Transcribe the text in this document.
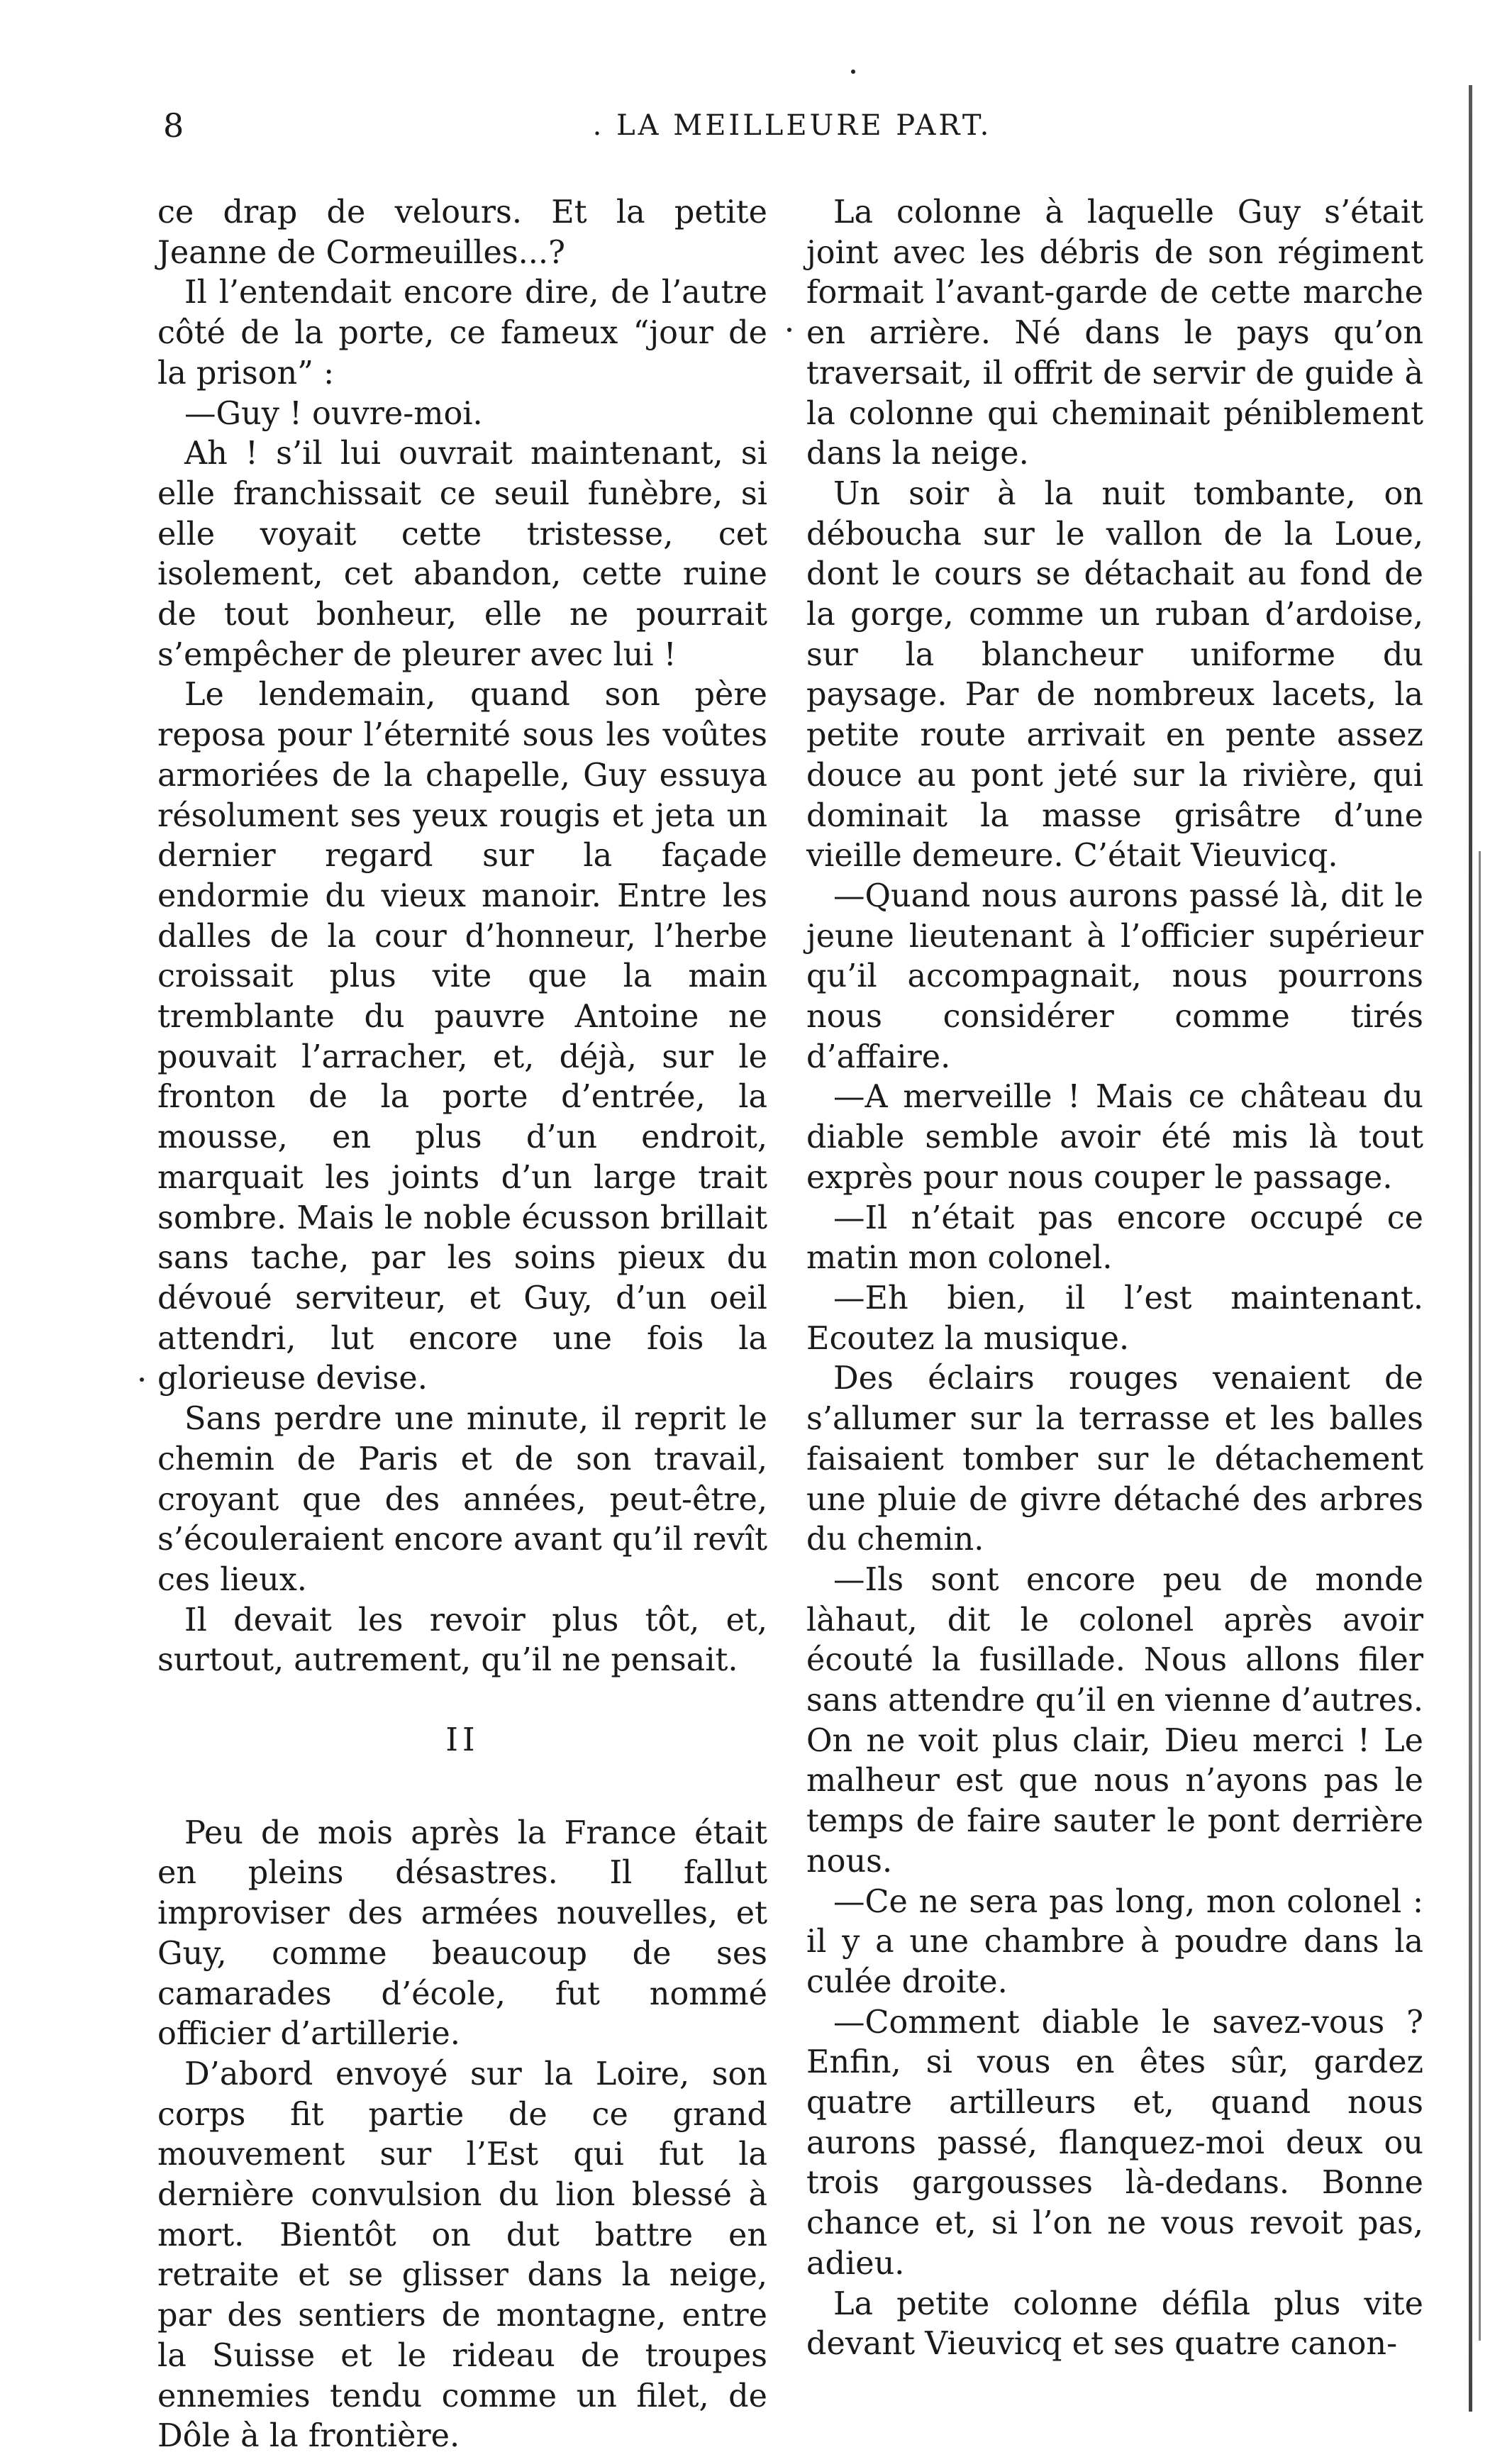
8	. LA MEILLEURE PART.

ce drap de velours. Et la petite Jeanne de Cormeuilles...?

Il l’entendait encore dire, de l’autre côté de la porte, ce fameux “jour de la prison” :

—Guy ! ouvre-moi.

Ah ! s’il lui ouvrait maintenant, si elle franchissait ce seuil funèbre, si elle voyait cette tristesse, cet isolement, cet abandon, cette ruine de tout bonheur, elle ne pourrait s’empêcher de pleurer avec lui !

Le lendemain, quand son père reposa pour l’éternité sous les voûtes armoriées de la chapelle, Guy essuya résolument ses yeux rougis et jeta un dernier regard sur la façade endormie du vieux manoir. Entre les dalles de la cour d’honneur, l’herbe croissait plus vite que la main tremblante du pauvre Antoine ne pouvait l’arracher, et, déjà, sur le fronton de la porte d’entrée, la mousse, en plus d’un endroit, marquait les joints d’un large trait sombre. Mais le noble écusson brillait sans tache, par les soins pieux du dévoué serviteur, et Guy, d’un oeil attendri, lut encore une fois la glorieuse devise.

Sans perdre une minute, il reprit le chemin de Paris et de son travail, croyant que des années, peut-être, s’écouleraient encore avant qu’il revît ces lieux.

Il devait les revoir plus tôt, et, surtout, autrement, qu’il ne pensait.

II

Peu de mois après la France était en pleins désastres. Il fallut improviser des armées nouvelles, et Guy, comme beaucoup de ses camarades d’école, fut nommé officier d’artillerie.

D’abord envoyé sur la Loire, son corps fit partie de ce grand mouvement sur l’Est qui fut la dernière convulsion du lion blessé à mort. Bientôt on dut battre en retraite et se glisser dans la neige, par des sentiers de montagne, entre la Suisse et le rideau de troupes ennemies tendu comme un filet, de Dôle à la frontière.

La colonne à laquelle Guy s’était joint avec les débris de son régiment formait l’avant-garde de cette marche en arrière. Né dans le pays qu’on traversait, il offrit de servir de guide à la colonne qui cheminait péniblement dans la neige.

Un soir à la nuit tombante, on déboucha sur le vallon de la Loue, dont le cours se détachait au fond de la gorge, comme un ruban d’ardoise, sur la blancheur uniforme du paysage. Par de nombreux lacets, la petite route arrivait en pente assez douce au pont jeté sur la rivière, qui dominait la masse grisâtre d’une vieille demeure. C’était Vieuvicq.

—Quand nous aurons passé là, dit le jeune lieutenant à l’officier supérieur qu’il accompagnait, nous pourrons nous considérer comme tirés d’affaire.

—A merveille ! Mais ce château du diable semble avoir été mis là tout exprès pour nous couper le passage.

—Il n’était pas encore occupé ce matin mon colonel.

—Eh bien, il l’est maintenant. Ecoutez la musique.

Des éclairs rouges venaient de s’allumer sur la terrasse et les balles faisaient tomber sur le détachement une pluie de givre détaché des arbres du chemin.

—Ils sont encore peu de monde làhaut, dit le colonel après avoir écouté la fusillade. Nous allons filer sans attendre qu’il en vienne d’autres. On ne voit plus clair, Dieu merci ! Le malheur est que nous n’ayons pas le temps de faire sauter le pont derrière nous.

—Ce ne sera pas long, mon colonel : il y a une chambre à poudre dans la culée droite.

—Comment diable le savez-vous ? Enfin, si vous en êtes sûr, gardez quatre artilleurs et, quand nous aurons passé, flanquez-moi deux ou trois gargousses là-dedans. Bonne chance et, si l’on ne vous revoit pas, adieu.

La petite colonne défila plus vite devant Vieuvicq et ses quatre canon-
